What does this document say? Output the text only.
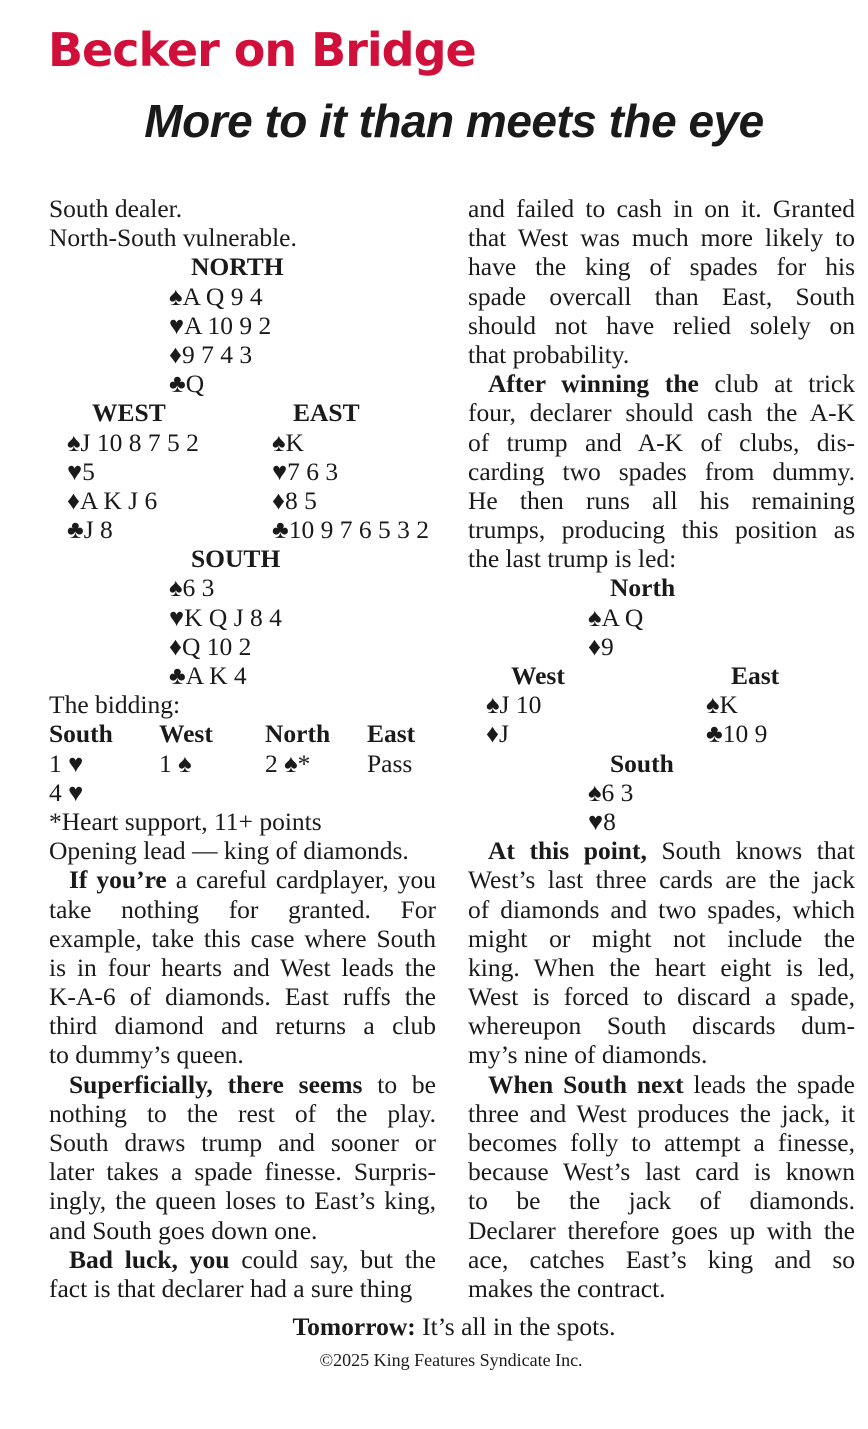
Becker on Bridge
More to it than meets the eye
South dealer.
North-South vulnerable.
NORTH
♠A Q 9 4
♥A 10 9 2
♦9 7 4 3
♣Q
WEST	EAST
♠J 10 8 7 5 2	♠K
♥5	♥7 6 3
♦A K J 6	♦8 5
♣J 8	♣10 9 7 6 5 3 2
SOUTH
♠6 3
♥K Q J 8 4
♦Q 10 2
♣A K 4
The bidding:
South West North East
1 ♥	1 ♠	2 ♠* Pass
4 ♥
*Heart support, 11+ points
Opening lead — king of diamonds.
If you’re a careful cardplayer, you
take nothing for granted. For
example, take this case where South
is in four hearts and West leads the
K-A-6 of diamonds. East ruffs the
third diamond and returns a club
to dummy’s queen.
Superficially, there seems to be
nothing to the rest of the play.
South draws trump and sooner or
later takes a spade finesse. Surpris-
ingly, the queen loses to East’s king,
and South goes down one.
Bad luck, you could say, but the
fact is that declarer had a sure thing
and failed to cash in on it. Granted
that West was much more likely to
have the king of spades for his
spade overcall than East, South
should not have relied solely on
that probability.
After winning the club at trick
four, declarer should cash the A-K
of trump and A-K of clubs, dis-
carding two spades from dummy.
He then runs all his remaining
trumps, producing this position as
the last trump is led:
North
♠A Q
♦9
West	East
♠J 10	♠K
♦J	♣10 9
South
♠6 3
♥8
At this point, South knows that
West’s last three cards are the jack
of diamonds and two spades, which
might or might not include the
king. When the heart eight is led,
West is forced to discard a spade,
whereupon South discards dum-
my’s nine of diamonds.
When South next leads the spade
three and West produces the jack, it
becomes folly to attempt a finesse,
because West’s last card is known
to be the jack of diamonds.
Declarer therefore goes up with the
ace, catches East’s king and so
makes the contract.
Tomorrow: It’s all in the spots.
©2025 King Features Syndicate Inc.
